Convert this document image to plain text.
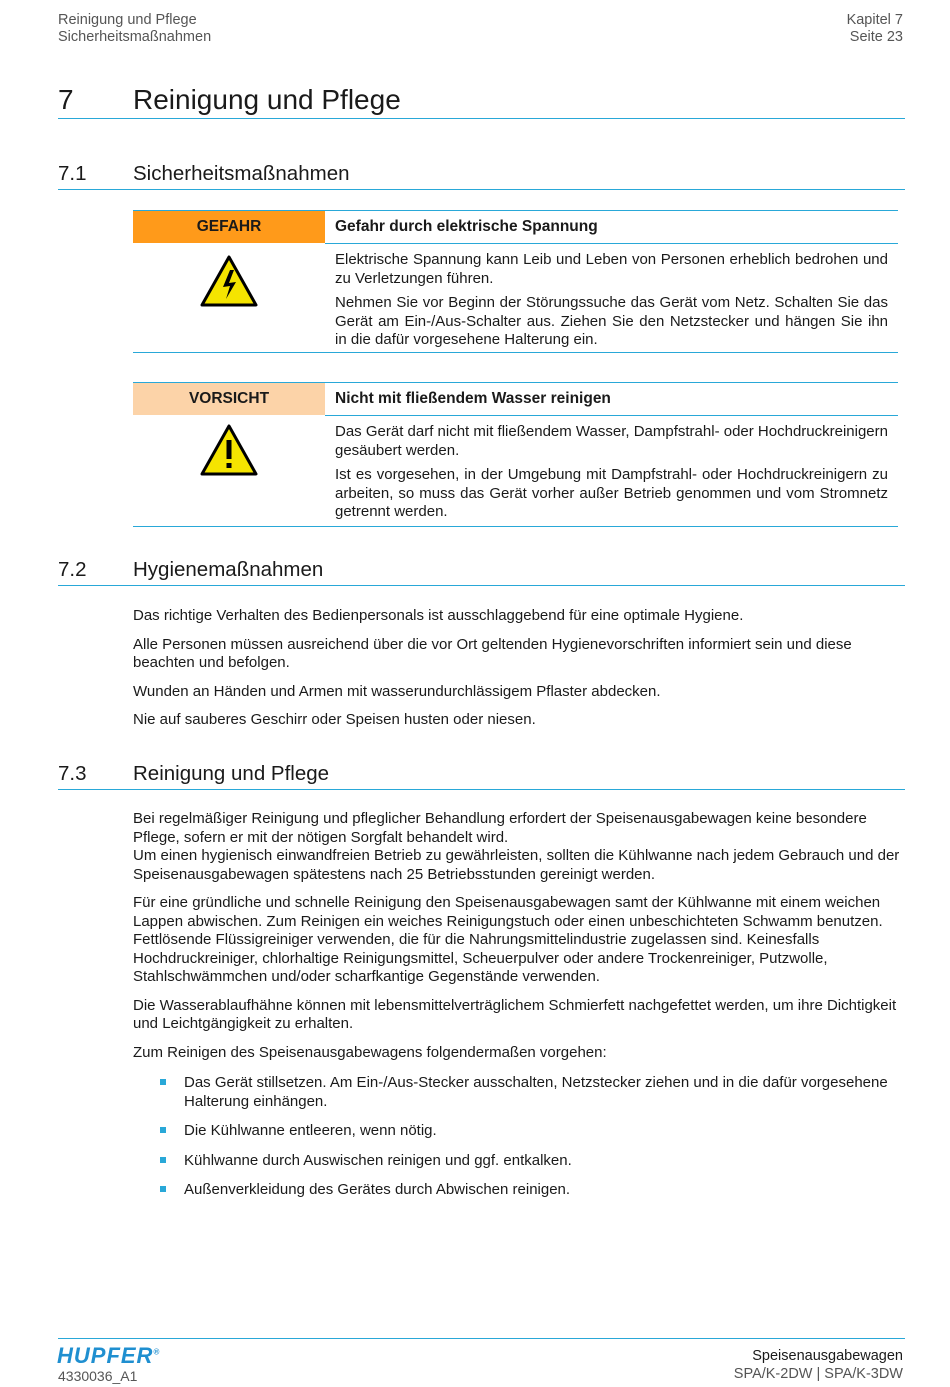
Reinigung und Pflege
Sicherheitsmaßnahmen
Kapitel 7
Seite 23
7 Reinigung und Pflege
7.1 Sicherheitsmaßnahmen
GEFAHR	Gefahr durch elektrische Spannung

Elektrische Spannung kann Leib und Leben von Personen erheblich bedrohen und zu Verletzungen führen.

Nehmen Sie vor Beginn der Störungssuche das Gerät vom Netz. Schalten Sie das Gerät am Ein-/Aus-Schalter aus. Ziehen Sie den Netzstecker und hängen Sie ihn in die dafür vorgesehene Halterung ein.

VORSICHT	Nicht mit fließendem Wasser reinigen

Das Gerät darf nicht mit fließendem Wasser, Dampfstrahl- oder Hochdruckreinigern gesäubert werden.

Ist es vorgesehen, in der Umgebung mit Dampfstrahl- oder Hochdruckreinigern zu arbeiten, so muss das Gerät vorher außer Betrieb genommen und vom Stromnetz getrennt werden.

7.2 Hygienemaßnahmen

Das richtige Verhalten des Bedienpersonals ist ausschlaggebend für eine optimale Hygiene.

Alle Personen müssen ausreichend über die vor Ort geltenden Hygienevorschriften informiert sein und diese beachten und befolgen.

Wunden an Händen und Armen mit wasserundurchlässigem Pflaster abdecken.

Nie auf sauberes Geschirr oder Speisen husten oder niesen.

7.3 Reinigung und Pflege

Bei regelmäßiger Reinigung und pfleglicher Behandlung erfordert der Speisenausgabewagen keine besondere Pflege, sofern er mit der nötigen Sorgfalt behandelt wird.

Um einen hygienisch einwandfreien Betrieb zu gewährleisten, sollten die Kühlwanne nach jedem Gebrauch und der Speisenausgabewagen spätestens nach 25 Betriebsstunden gereinigt werden.

Für eine gründliche und schnelle Reinigung den Speisenausgabewagen samt der Kühlwanne mit einem weichen Lappen abwischen. Zum Reinigen ein weiches Reinigungstuch oder einen unbeschichteten Schwamm benutzen. Fettlösende Flüssigreiniger verwenden, die für die Nahrungsmittelindustrie zugelassen sind. Keinesfalls Hochdruckreiniger, chlorhaltige Reinigungsmittel, Scheuerpulver oder andere Trockenreiniger, Putzwolle, Stahlschwämmchen und/oder scharfkantige Gegenstände verwenden.

Die Wasserablaufhähne können mit lebensmittelverträglichem Schmierfett nachgefettet werden, um ihre Dichtigkeit und Leichtgängigkeit zu erhalten.

Zum Reinigen des Speisenausgabewagens folgendermaßen vorgehen:

Das Gerät stillsetzen. Am Ein-/Aus-Stecker ausschalten, Netzstecker ziehen und in die dafür vorgesehene Halterung einhängen.
Die Kühlwanne entleeren, wenn nötig.
Kühlwanne durch Auswischen reinigen und ggf. entkalken.
Außenverkleidung des Gerätes durch Abwischen reinigen.
HUPFER®
4330036_A1
Speisenausgabewagen
SPA/K-2DW | SPA/K-3DW
